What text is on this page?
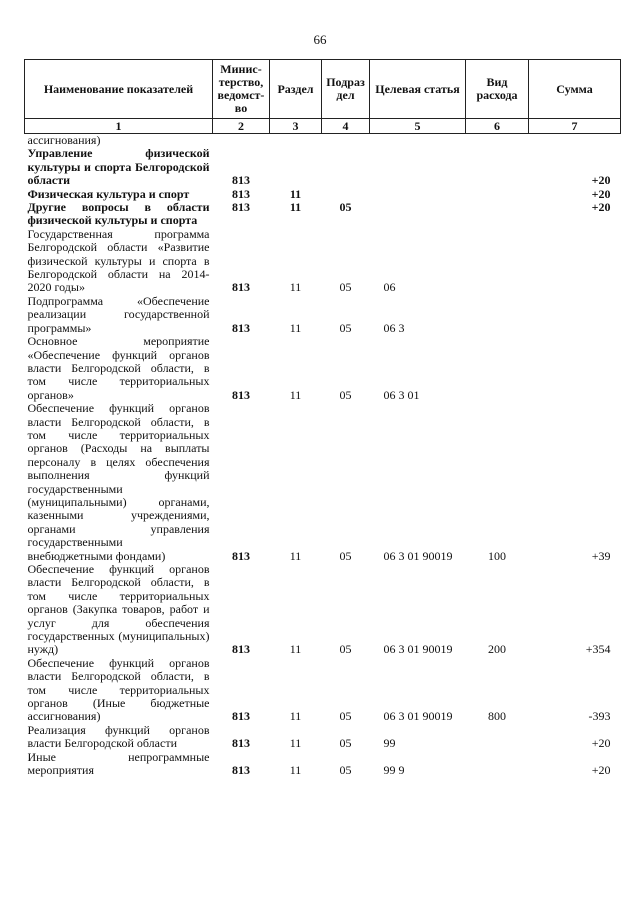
66
Наименование показателей	Минис-терство, ведомст-во	Раздел	Подраз дел	Целевая статья	Вид расхода	Сумма
1	2	3	4	5	6	7
ассигнования)						
Управление физической культуры и спорта Белгородской области	813					+20
Физическая культура и спорт	813	11				+20
Другие вопросы в области физической культуры и спорта	813	11	05			+20
Государственная программа Белгородской области «Развитие физической культуры и спорта в Белгородской области на 2014-2020 годы»	813	11	05	06		
Подпрограмма «Обеспечение реализации государственной программы»	813	11	05	06 3		
Основное мероприятие «Обеспечение функций органов власти Белгородской области, в том числе территориальных органов»	813	11	05	06 3 01		
Обеспечение функций органов власти Белгородской области, в том числе территориальных органов (Расходы на выплаты персоналу в целях обеспечения выполнения функций государственными (муниципальными) органами, казенными учреждениями, органами управления государственными внебюджетными фондами)	813	11	05	06 3 01 90019	100	+39
Обеспечение функций органов власти Белгородской области, в том числе территориальных органов (Закупка товаров, работ и услуг для обеспечения государственных (муниципальных) нужд)	813	11	05	06 3 01 90019	200	+354
Обеспечение функций органов власти Белгородской области, в том числе территориальных органов (Иные бюджетные ассигнования)	813	11	05	06 3 01 90019	800	-393
Реализация функций органов власти Белгородской области	813	11	05	99		+20
Иные непрограммные мероприятия	813	11	05	99 9		+20
